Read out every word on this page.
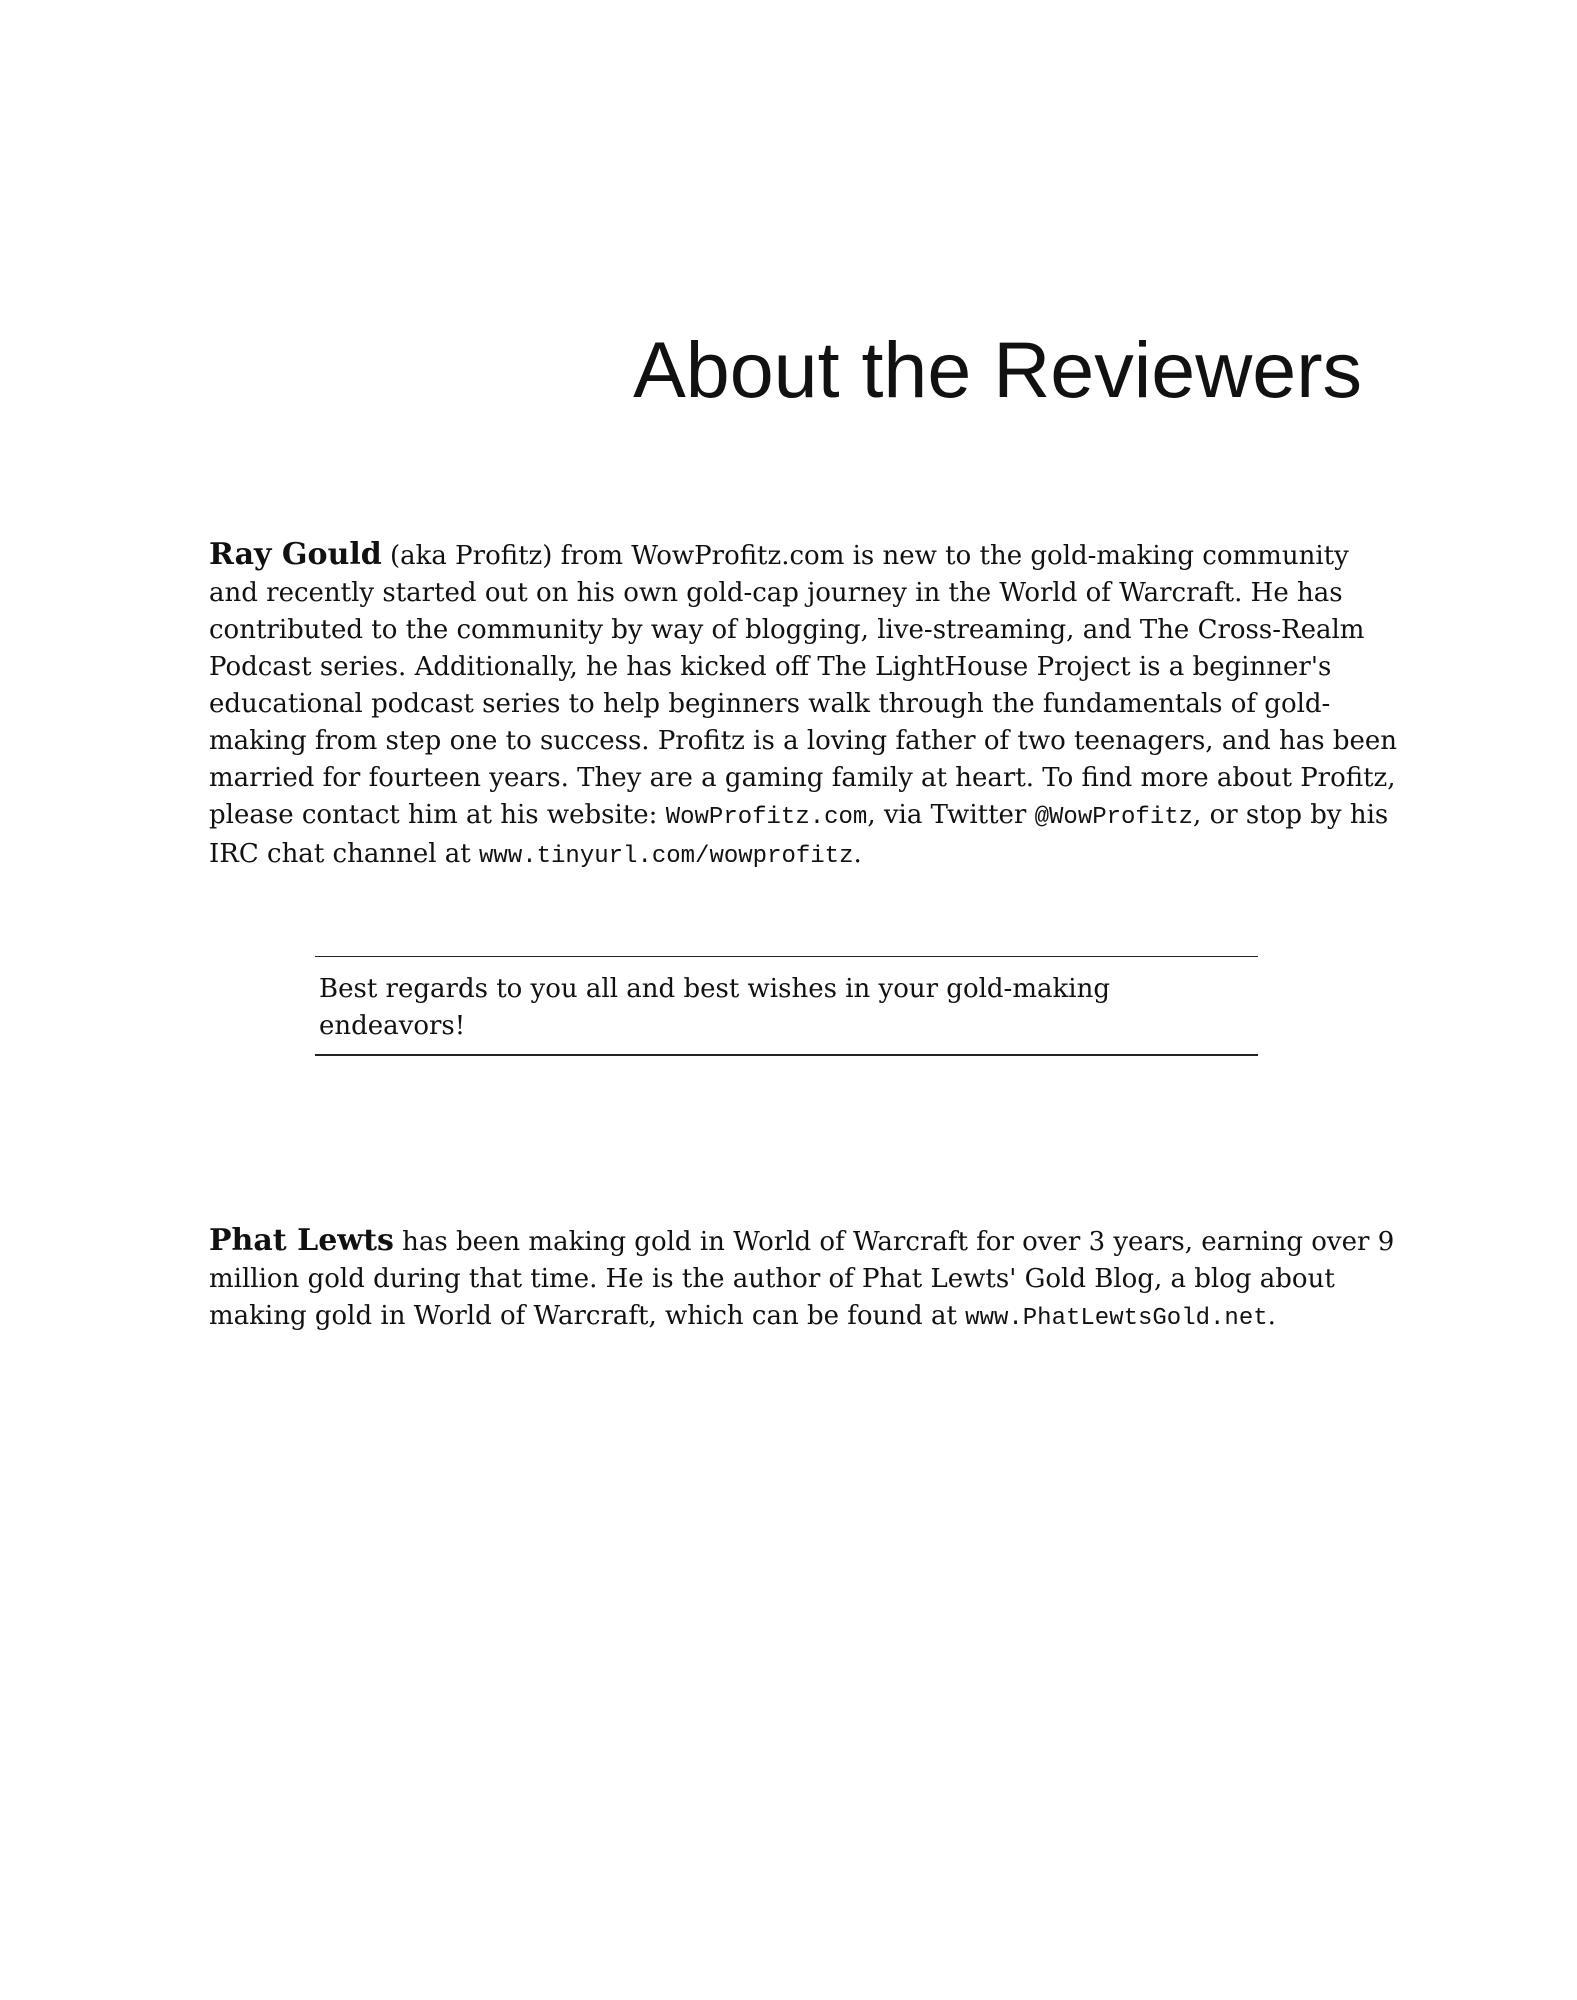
About the Reviewers

Ray Gould (aka Profitz) from WowProfitz.com is new to the gold-making community and recently started out on his own gold-cap journey in the World of Warcraft. He has contributed to the community by way of blogging, live-streaming, and The Cross-Realm Podcast series. Additionally, he has kicked off The LightHouse Project is a beginner's educational podcast series to help beginners walk through the fundamentals of gold-making from step one to success. Profitz is a loving father of two teenagers, and has been married for fourteen years. They are a gaming family at heart. To find more about Profitz, please contact him at his website: WowProfitz.com, via Twitter @WowProfitz, or stop by his IRC chat channel at www.tinyurl.com/wowprofitz.

Best regards to you all and best wishes in your gold-making endeavors!

Phat Lewts has been making gold in World of Warcraft for over 3 years, earning over 9 million gold during that time. He is the author of Phat Lewts' Gold Blog, a blog about making gold in World of Warcraft, which can be found at www.PhatLewtsGold.net.
